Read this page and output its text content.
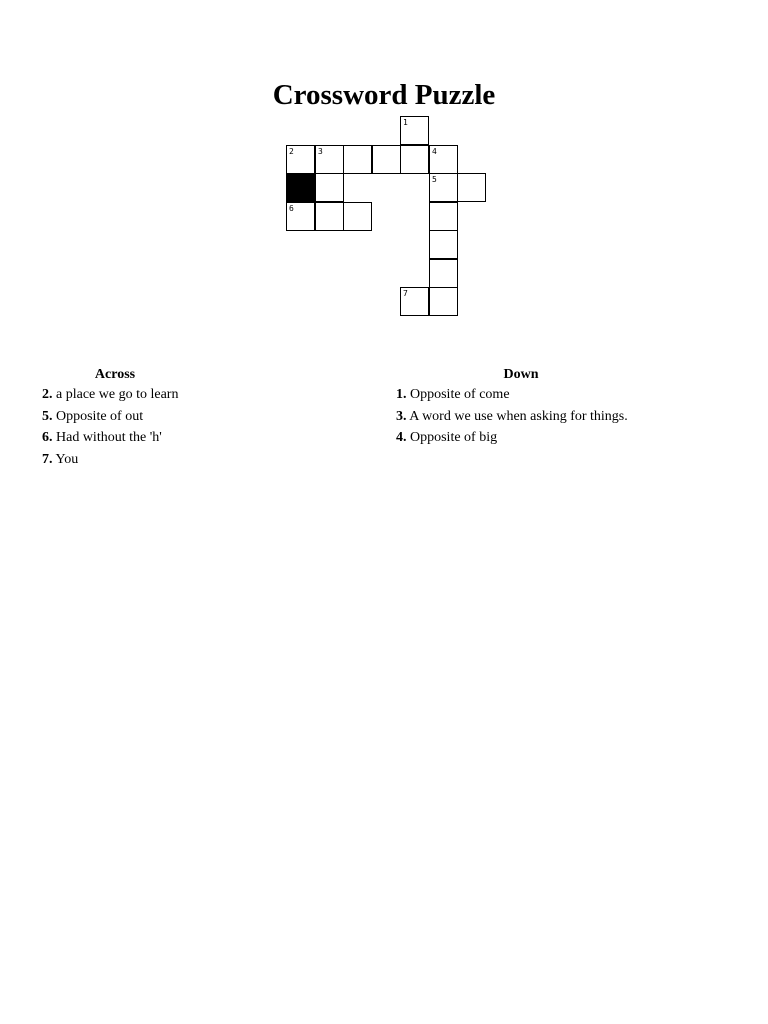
Crossword Puzzle
1
2	3	4
5
6
7
Across
2. a place we go to learn
5. Opposite of out
6. Had without the 'h'
7. You
Down
1. Opposite of come
3. A word we use when asking for things.
4. Opposite of big
